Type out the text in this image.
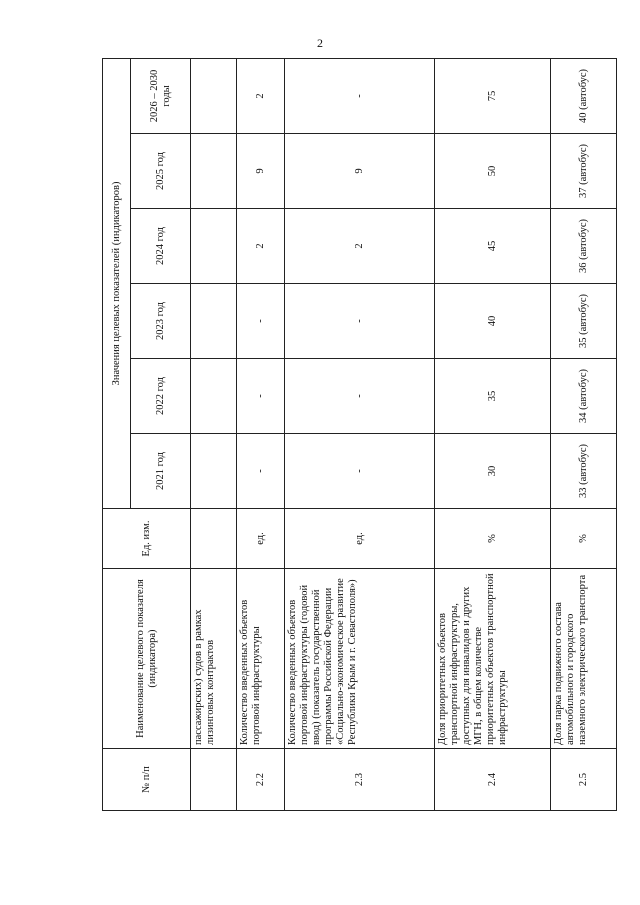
2
№ п/п	Наименование целевого показателя (индикатора)	Ед. изм.	Значения целевых показателей (индикаторов)					
			2021 год	2022 год	2023 год	2024 год	2025 год	2026 – 2030 годы
	пассажирских) судов в рамках лизинговых контрактов							
2.2	Количество введенных объектов портовой инфраструктуры	ед.	-	-	-	2	9	2
2.3	Количество введенных объектов портовой инфраструктуры (годовой ввод) (показатель государственной программы Российской Федерации «Социально-экономическое развитие Республики Крым и г. Севастополя»)	ед.	-	-	-	2	9	-
2.4	Доля приоритетных объектов транспортной инфраструктуры, доступных для инвалидов и других МГН, в общем количестве приоритетных объектов транспортной инфраструктуры	%	30	35	40	45	50	75
2.5	Доля парка подвижного состава автомобильного и городского наземного электрического транспорта	%	33 (автобус)	34 (автобус)	35 (автобус)	36 (автобус)	37 (автобус)	40 (автобус)
